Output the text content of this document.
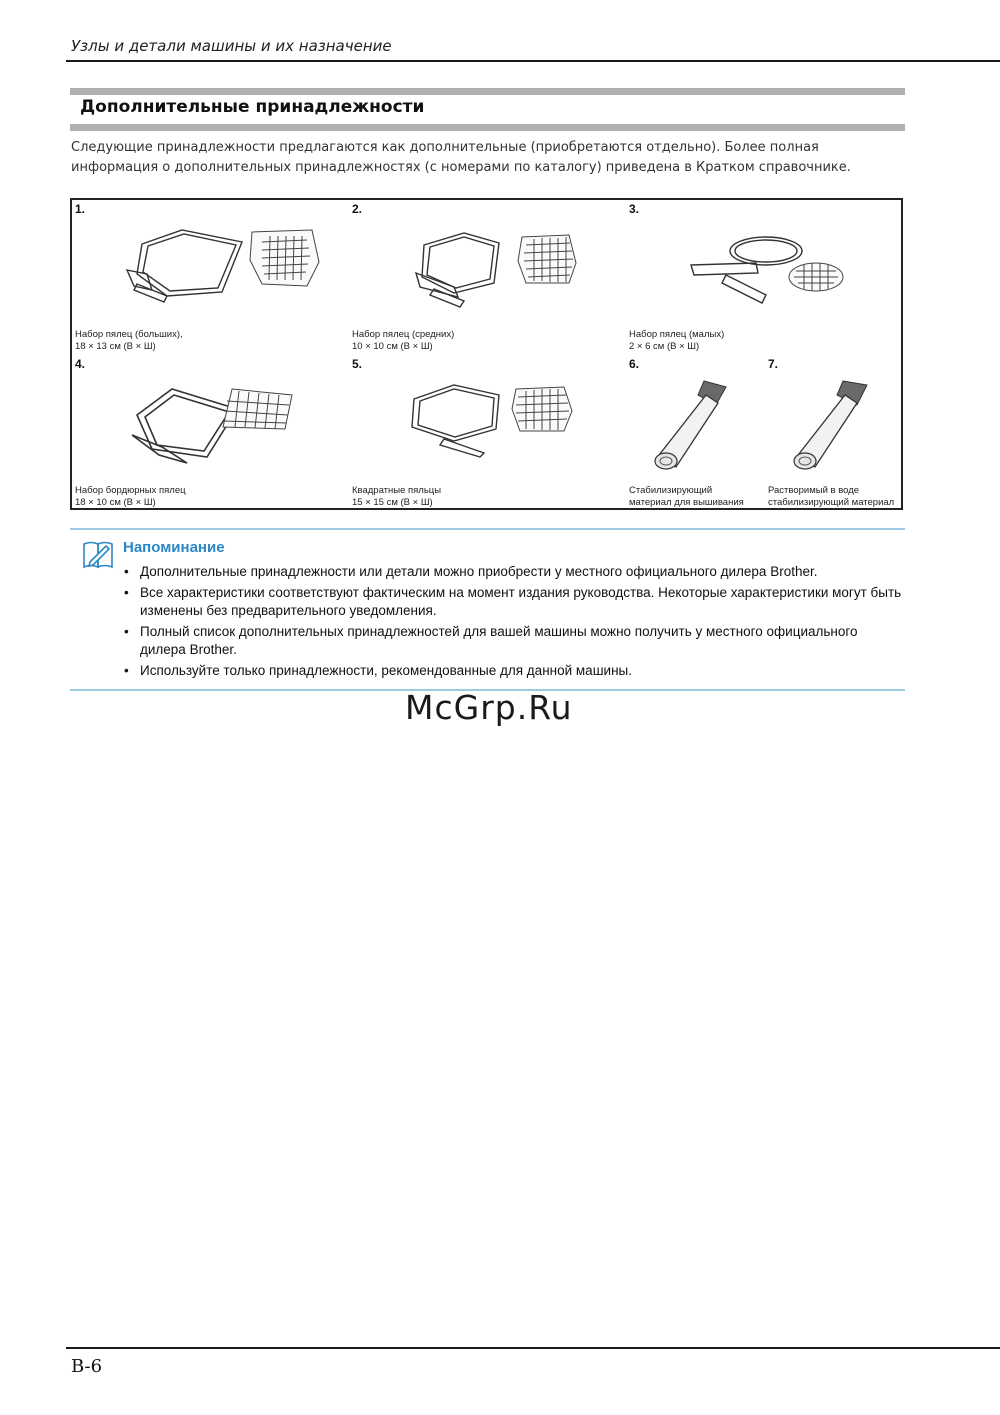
Узлы и детали машины и их назначение
Дополнительные принадлежности
Следующие принадлежности предлагаются как дополнительные (приобретаются отдельно). Более полная информация о дополнительных принадлежностях (с номерами по каталогу) приведена в Кратком справочнике.
1.
Набор пялец (больших),
18 × 13 см (В × Ш)
2.
Набор пялец (средних)
10 × 10 см (В × Ш)
3.
Набор пялец (малых)
2 × 6 см (В × Ш)
4.
Набор бордюрных пялец
18 × 10 см (В × Ш)
5.
Квадратные пяльцы
15 × 15 см (В × Ш)
6.
Стабилизирующий
материал для вышивания
7.
Растворимый в воде
стабилизирующий материал
Напоминание
• Дополнительные принадлежности или детали можно приобрести у местного официального дилера Brother.
• Все характеристики соответствуют фактическим на момент издания руководства. Некоторые характеристики могут быть изменены без предварительного уведомления.
• Полный список дополнительных принадлежностей для вашей машины можно получить у местного официального дилера Brother.
• Используйте только принадлежности, рекомендованные для данной машины.
McGrp.Ru
B-6
